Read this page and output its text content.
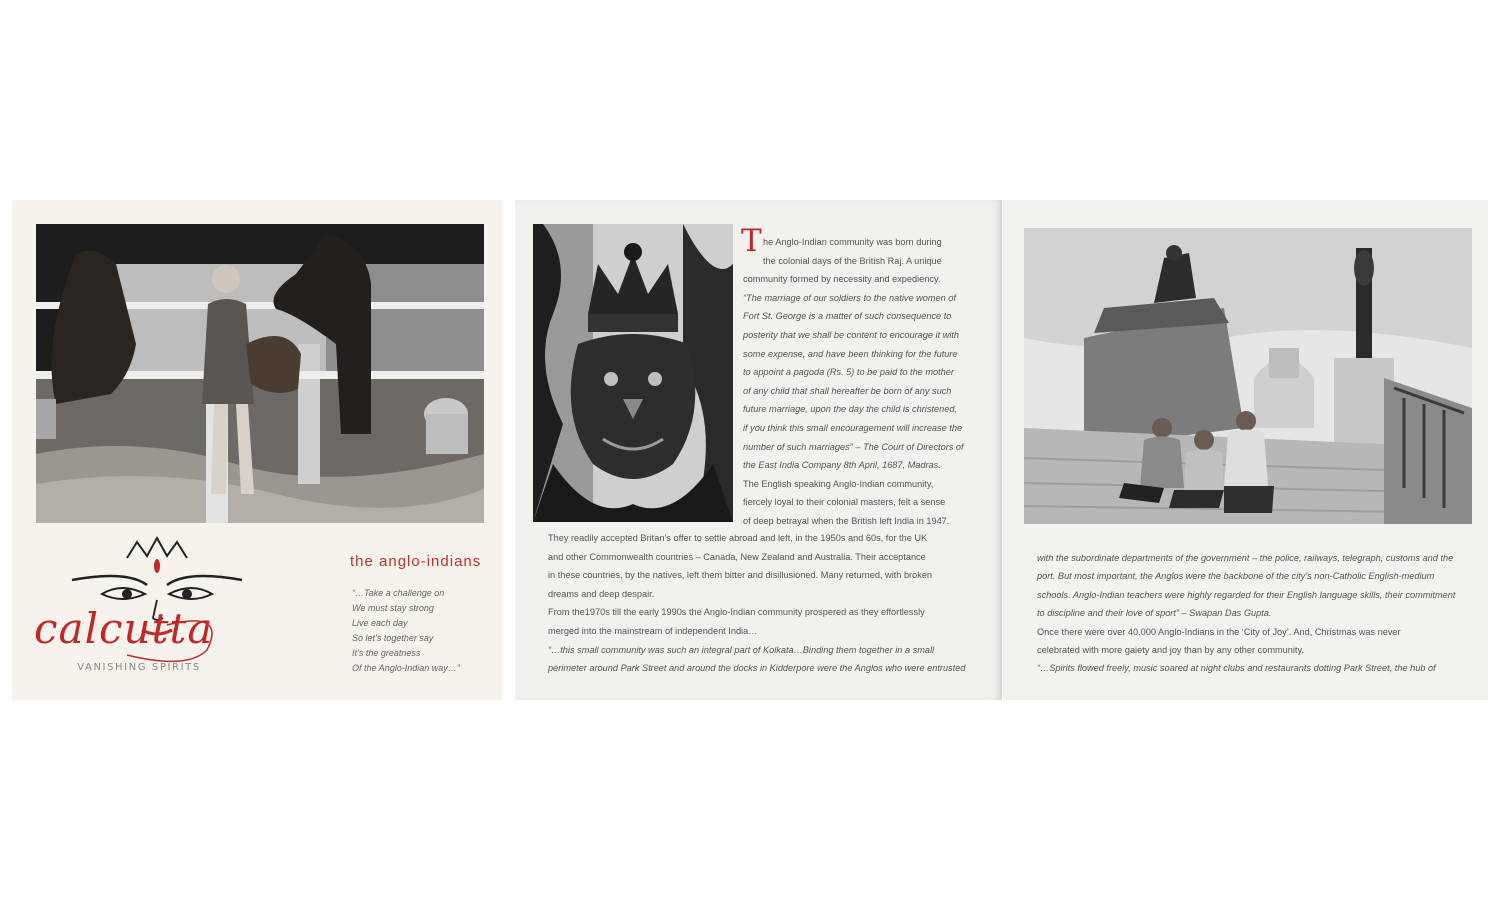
calcutta
VANISHING SPIRITS
the anglo-indians
“…Take a challenge on
We must stay strong
Live each day
So let’s together say
It’s the greatness
Of the Anglo-Indian way…”
T he Anglo-Indian community was born during
the colonial days of the British Raj. A unique
community formed by necessity and expediency.
“The marriage of our soldiers to the native women of
Fort St. George is a matter of such consequence to
posterity that we shall be content to encourage it with
some expense, and have been thinking for the future
to appoint a pagoda (Rs. 5) to be paid to the mother
of any child that shall hereafter be born of any such
future marriage, upon the day the child is christened,
if you think this small encouragement will increase the
number of such marriages” – The Court of Directors of
the East India Company 8th April, 1687, Madras.
The English speaking Anglo-Indian community,
fiercely loyal to their colonial masters, felt a sense
of deep betrayal when the British left India in 1947.
They readily accepted Britan’s offer to settle abroad and left, in the 1950s and 60s, for the UK
and other Commonwealth countries – Canada, New Zealand and Australia. Their acceptance
in these countries, by the natives, left them bitter and disillusioned. Many returned, with broken
dreams and deep despair.
From the1970s till the early 1990s the Anglo-Indian community prospered as they effortlessly
merged into the mainstream of independent India…
“…this small community was such an integral part of Kolkata…Binding them together in a small
perimeter around Park Street and around the docks in Kidderpore were the Anglos who were entrusted
with the subordinate departments of the government – the police, railways, telegraph, customs and the
port. But most important, the Anglos were the backbone of the city’s non-Catholic English-medium
schools. Anglo-Indian teachers were highly regarded for their English language skills, their commitment
to discipline and their love of sport” – Swapan Das Gupta.
Once there were over 40,000 Anglo-Indians in the ‘City of Joy’. And, Christmas was never
celebrated with more gaiety and joy than by any other community.
“…Spirits flowed freely, music soared at night clubs and restaurants dotting Park Street, the hub of
